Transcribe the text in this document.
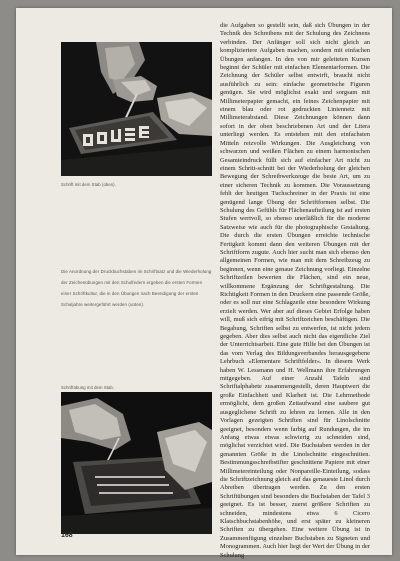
Schrift mit dem Stab (oben).
Die Anordnung der Druckbuchstaben im Schriftsatz und die Wiederholung der Zeichenübungen mit den Schulfedern ergeben die ersten Formen einer Schriftkultur, die in den Übungen nach Beendigung der ersten Schuljahre weitergeführt werden (unten).
Schriftübung mit dem Stab.

die Aufgaben so gestellt sein, daß sich Übungen in der Technik des Schreibens mit der Schulung des Zeichnens verbinden. Der Anfänger soll sich nicht gleich an kompliziertere Aufgaben machen, sondern mit einfachen Übungen anfangen. In den von mir geleiteten Kursen beginnt der Schüler mit einfachen Elementarformen. Die Zeichnung der Schüler selbst entwirft, braucht nicht ausführlich zu sein: einfache geometrische Figuren genügen. Sie wird möglichst exakt und sorgsam mit Millimeterpapier gemacht, ein feines Zeichenpapier mit einem blau oder rot gedruckten Liniennetz mit Millimeterabstand. Diese Zeichnungen können dann sofort in der oben beschriebenen Art und der Litera unterliegt werden. Es entstehen mit den einfachsten Mitteln reizvolle Wirkungen. Die Ausgleichung von schwarzen und weißen Flächen zu einem harmonischen Gesamteindruck füllt sich auf einfacher Art nicht zu einem Schritt-schnitt bei der Wiederholung der gleichen Bewegung der Schreibwerkzeuge die beste Art, um zu einer sicheren Technik zu kommen. Die Voraussetzung fehlt der heutigen Tuchschreiner in der Praxis ist eine genügend lange Übung der Schriftformen selbst. Die Schulung des Gefühls für Flächenaufteilung ist auf ersten Stufen wertvoll, so ebenso unerläßlich für die moderne Satzweise wie auch für die photographische Gestaltung. Die durch die ersten Übungen erreichte technische Fertigkeit kommt dann den weiteren Übungen mit der Schriftform zugute. Auch hier sucht man sich ebenso den allgemeinen Formen, wie man mit dem Schreibzeug zu beginnen, wenn eine genaue Zeichnung vorliegt. Einzelne Schriftzeilen bewerten die Flächen, sind ein neue, willkommene Ergänzung der Schriftgestaltung. Die Richtigkeit Formen in den Druckern eine passende Größe, oder es soll nur eine Schlagzeile eine besondere Wirkung erzielt werden. Wer aber auf dieses Gebiet Erfolge haben will, muß sich eifrig mit Schriftzeichen beschäftigen. Die Begabung, Schriften selbst zu entwerfen, ist nicht jedem gegeben. Aber dies selbst auch nicht das eigentliche Ziel der Unterrichtsarbeit. Eine gute Hilfe bei den Übungen ist das vom Verlag des Bildungsverbandes herausgegebene Lehrbuch »Elementare Schriftfelder«. In diesem Werk haben W. Lessmann und H. Wellmann ihre Erfahrungen mitgegeben. Auf einer Anzahl Tafeln sind Schriftalphabete zusammengestellt, deren Hauptwert die große Einfachheit und Klarheit ist. Die Lehrmethode ermöglicht, dem großen Zeitaufwand eine saubere gut ausgeglichene Schrift zu lehren zu lernen. Alle in den Vorlagen gezeigten Schriften sind für Linolschnitte geeignet, besonders wenn farbig auf Rundungen, die im Anfang etwas etwas schwierig zu schneiden sind, möglichst verzichtet wird. Die Buchstaben werden in der genannten Größe in die Linolschnitte eingeschnitten. Bestimmungsschreibstifter geschnittene Papiere mit einer Millimetereinteilung oder Nonpareille-Einteilung, sodass die Schriftzeichnung gleich auf das genaueste Linol durch Abreiben übertragen werden. Zu den ersten Schriftübungen sind besonders die Buchstaben der Tafel 3 geeignet. Es ist besser, zuerst größere Schriften zu schneiden, mindestens etwa 6 Cicero Klatschbuchstabenhöhe, und erst später zu kleineren Schriften zu übergehen. Eine weitere Übung ist in Zusammenfügung einzelner Buchstaben zu Signeten und Monogrammen. Auch hier liegt der Wert der Übung in der Schulung

168
